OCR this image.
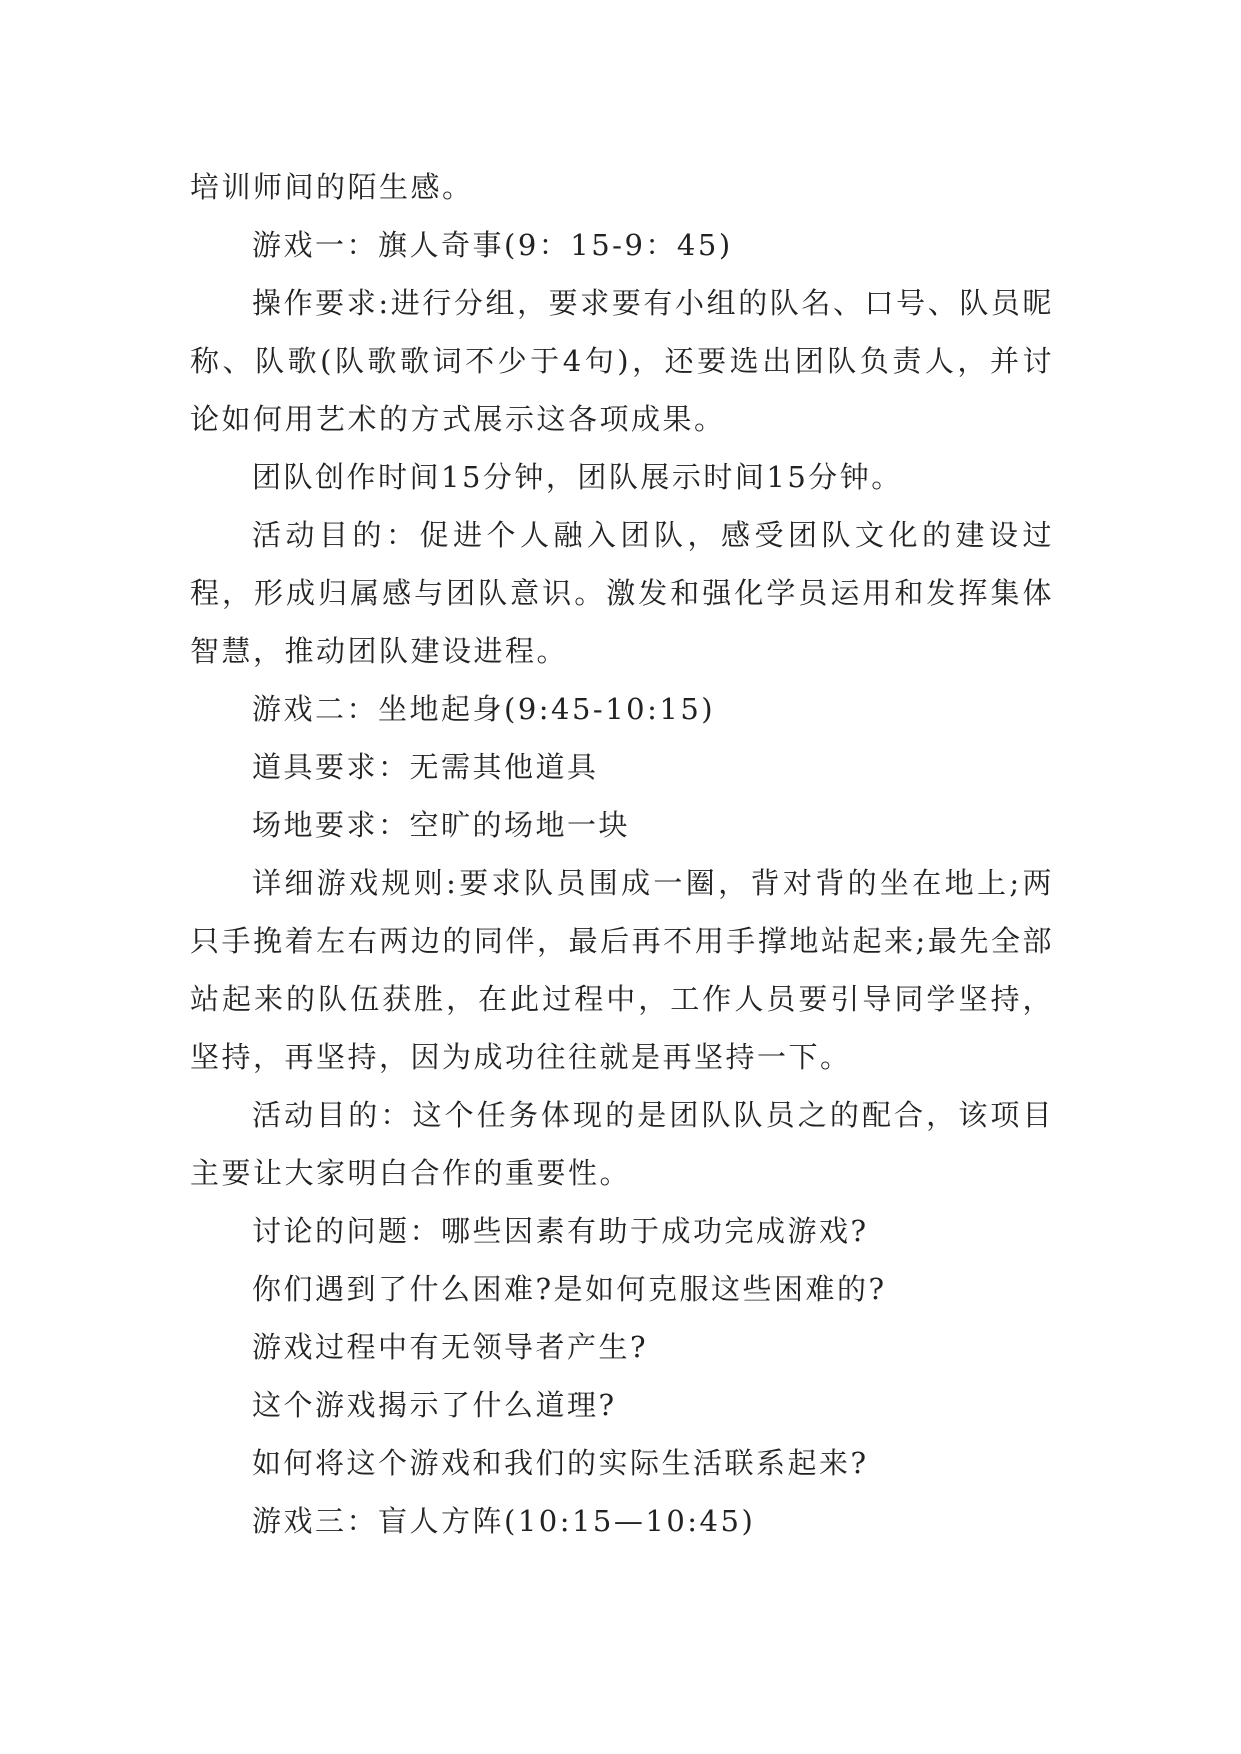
培训师间的陌生感。

游戏一：旗人奇事(9：15-9：45)

操作要求:进行分组，要求要有小组的队名、口号、队员昵称、队歌(队歌歌词不少于4句)，还要选出团队负责人，并讨论如何用艺术的方式展示这各项成果。

团队创作时间15分钟，团队展示时间15分钟。

活动目的：促进个人融入团队，感受团队文化的建设过程，形成归属感与团队意识。激发和强化学员运用和发挥集体智慧，推动团队建设进程。

游戏二：坐地起身(9:45-10:15)

道具要求：无需其他道具

场地要求：空旷的场地一块

详细游戏规则:要求队员围成一圈，背对背的坐在地上;两只手挽着左右两边的同伴，最后再不用手撑地站起来;最先全部站起来的队伍获胜，在此过程中，工作人员要引导同学坚持，坚持，再坚持，因为成功往往就是再坚持一下。

活动目的：这个任务体现的是团队队员之的配合，该项目主要让大家明白合作的重要性。

讨论的问题：哪些因素有助于成功完成游戏?

你们遇到了什么困难?是如何克服这些困难的?

游戏过程中有无领导者产生?

这个游戏揭示了什么道理?

如何将这个游戏和我们的实际生活联系起来?

游戏三：盲人方阵(10:15—10:45)
